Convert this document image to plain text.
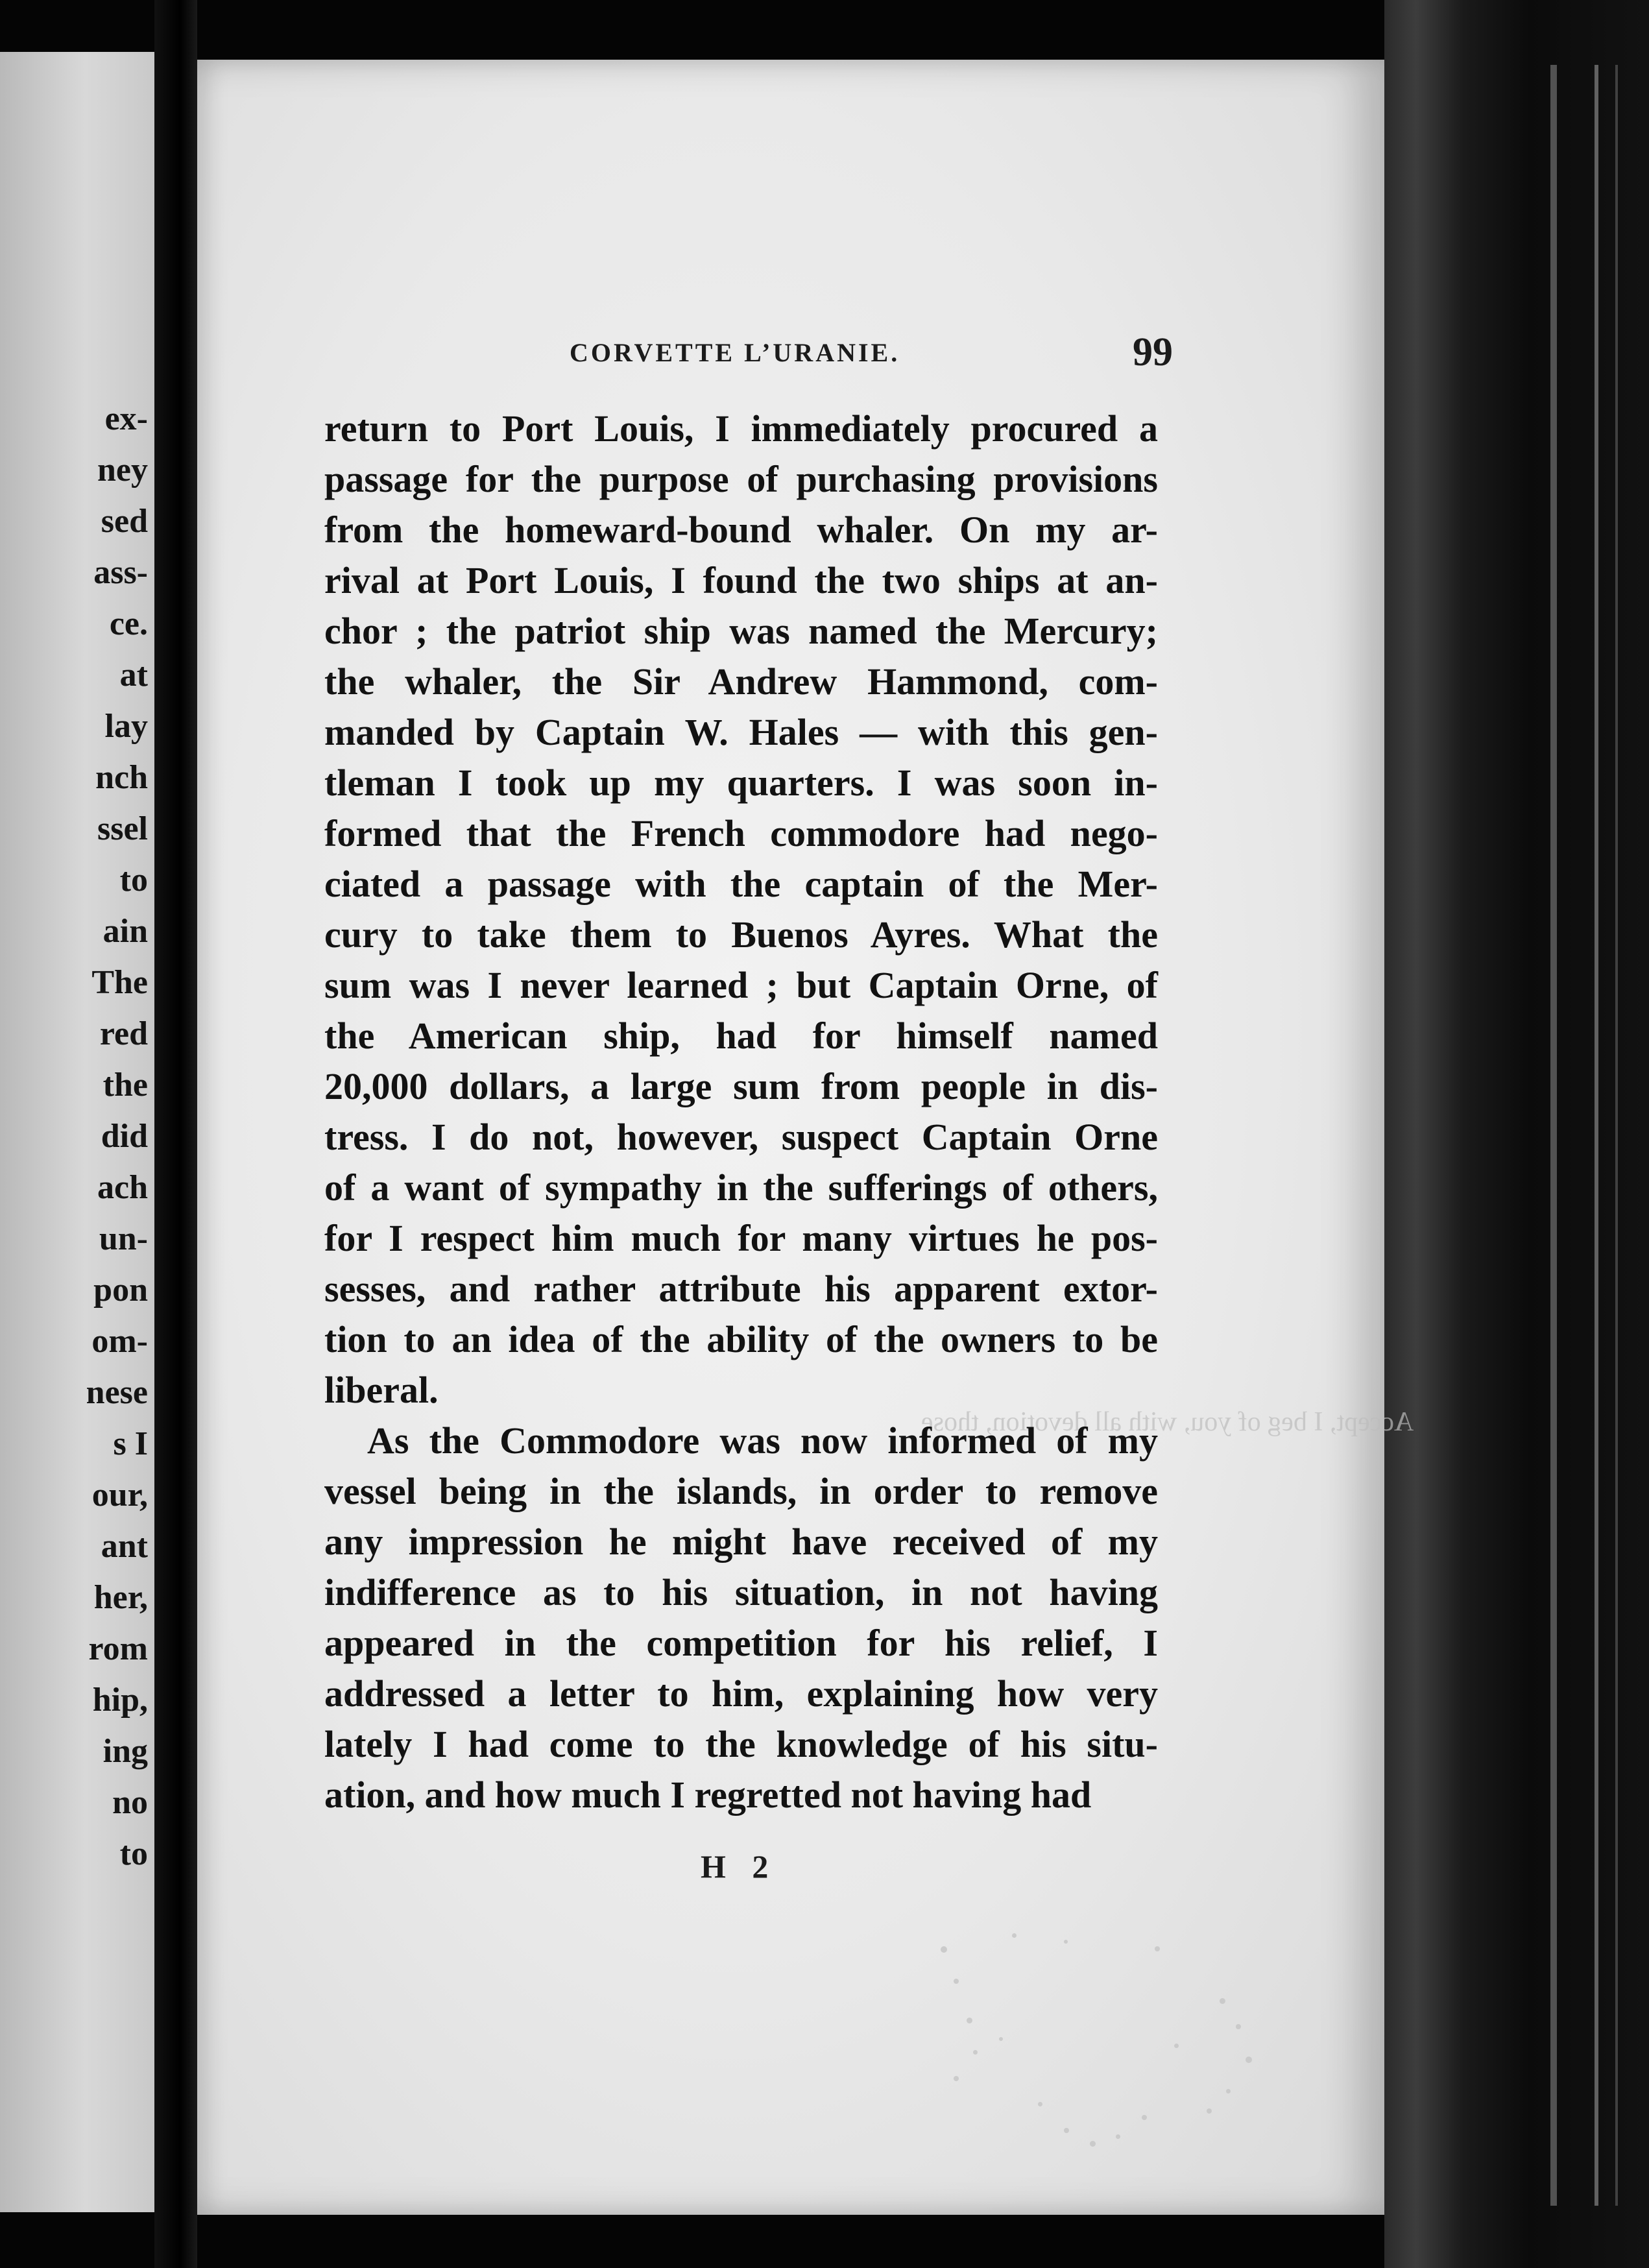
ex-
ney
sed
ass-
ce.
at
lay
nch
ssel
to
ain
The
red
the
did
ach
un-
pon
om-
nese
s I
our,
ant
her,
rom
hip,
ing
no
to
CORVETTE L’URANIE.	99
Accept, I beg of you, with all devotion, those
return to Port Louis, I immediately procured a
passage for the purpose of purchasing provisions
from the homeward-bound whaler. On my ar-
rival at Port Louis, I found the two ships at an-
chor ; the patriot ship was named the Mercury;
the whaler, the Sir Andrew Hammond, com-
manded by Captain W. Hales — with this gen-
tleman I took up my quarters. I was soon in-
formed that the French commodore had nego-
ciated a passage with the captain of the Mer-
cury to take them to Buenos Ayres. What the
sum was I never learned ; but Captain Orne, of
the American ship, had for himself named
20,000 dollars, a large sum from people in dis-
tress. I do not, however, suspect Captain Orne
of a want of sympathy in the sufferings of others,
for I respect him much for many virtues he pos-
sesses, and rather attribute his apparent extor-
tion to an idea of the ability of the owners to be
liberal.
As the Commodore was now informed of my
vessel being in the islands, in order to remove
any impression he might have received of my
indifference as to his situation, in not having
appeared in the competition for his relief, I
addressed a letter to him, explaining how very
lately I had come to the knowledge of his situ-
ation, and how much I regretted not having had
H 2
